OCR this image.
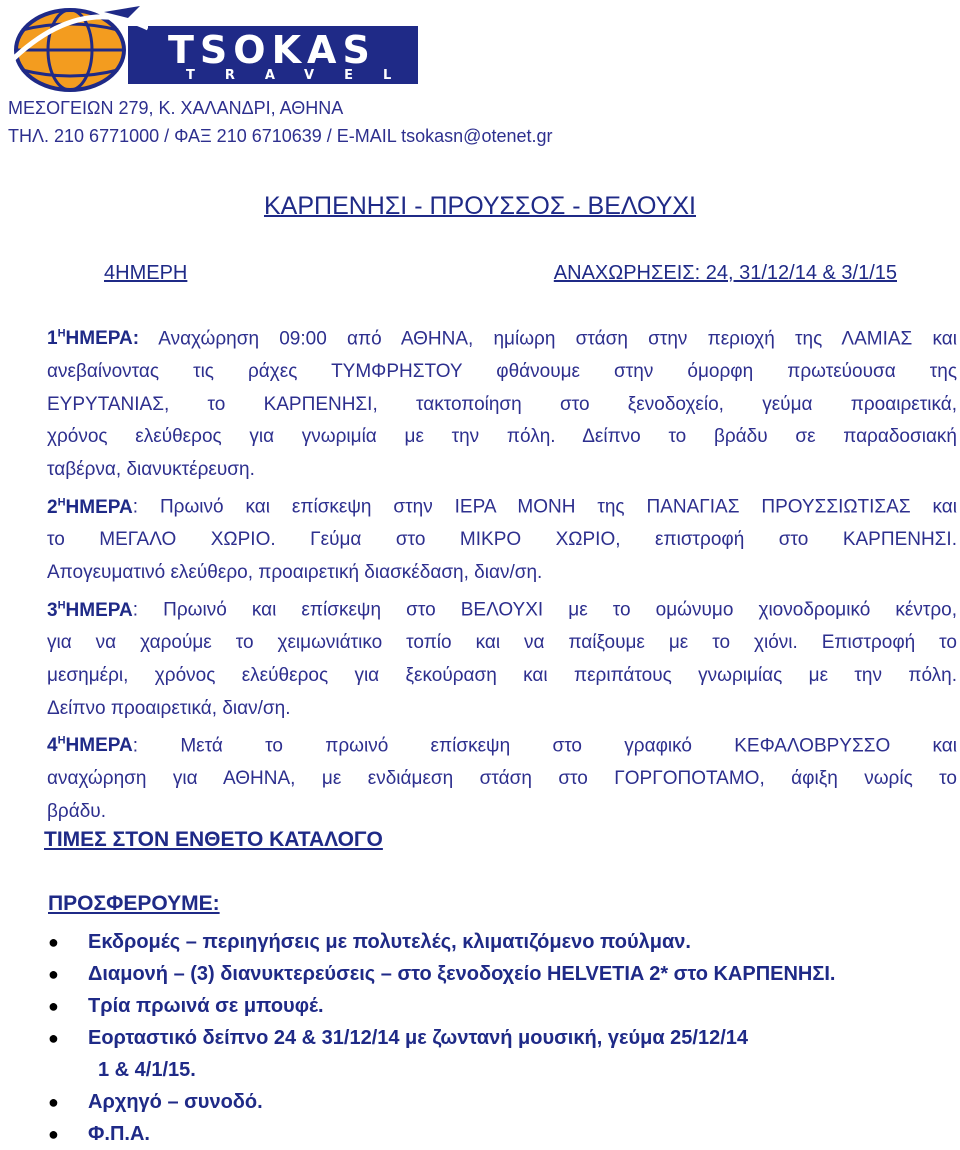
TSOKAS
TRAVEL
ΜΕΣΟΓΕΙΩΝ 279, Κ. ΧΑΛΑΝΔΡΙ, ΑΘΗΝΑ
ΤΗΛ. 210 6771000 / ΦΑΞ 210 6710639 / E-MAIL tsokasn@otenet.gr
ΚΑΡΠΕΝΗΣΙ - ΠΡΟΥΣΣΟΣ - ΒΕΛΟΥΧΙ
4ΗΜΕΡΗ	ΑΝΑΧΩΡΗΣΕΙΣ: 24, 31/12/14 & 3/1/15
$1^HHMEPA$: Αναχώρηση 09:00 από ΑΘΗΝΑ, ημίωρη στάση στην περιοχή της ΛΑΜΙΑΣ και
ανεβαίνοντας τις ράχες ΤΥΜΦΡΗΣΤΟΥ φθάνουμε στην όμορφη πρωτεύουσα της
ΕΥΡΥΤΑΝΙΑΣ, το ΚΑΡΠΕΝΗΣΙ, τακτοποίηση στο ξενοδοχείο, γεύμα προαιρετικά,
χρόνος ελεύθερος για γνωριμία με την πόλη. Δείπνο το βράδυ σε παραδοσιακή
ταβέρνα, διανυκτέρευση.
$2^HHMEPA$: Πρωινό και επίσκεψη στην ΙΕΡΑ ΜΟΝΗ της ΠΑΝΑΓΙΑΣ ΠΡΟΥΣΣΙΩΤΙΣΑΣ και
το ΜΕΓΑΛΟ ΧΩΡΙΟ. Γεύμα στο ΜΙΚΡΟ ΧΩΡΙΟ, επιστροφή στο ΚΑΡΠΕΝΗΣΙ.
Απογευματινό ελεύθερο, προαιρετική διασκέδαση, διαν/ση.
$3^HHMEPA$: Πρωινό και επίσκεψη στο ΒΕΛΟΥΧΙ με το ομώνυμο χιονοδρομικό κέντρο,
για να χαρούμε το χειμωνιάτικο τοπίο και να παίξουμε με το χιόνι. Επιστροφή το
μεσημέρι, χρόνος ελεύθερος για ξεκούραση και περιπάτους γνωριμίας με την πόλη.
Δείπνο προαιρετικά, διαν/ση.
$4^HHMEPA$: Μετά το πρωινό επίσκεψη στο γραφικό ΚΕΦΑΛΟΒΡΥΣΣΟ και
αναχώρηση για ΑΘΗΝΑ, με ενδιάμεση στάση στο ΓΟΡΓΟΠΟΤΑΜΟ, άφιξη νωρίς το
βράδυ.
ΤΙΜΕΣ ΣΤΟΝ ΕΝΘΕΤΟ ΚΑΤΑΛΟΓΟ
ΠΡΟΣΦΕΡΟΥΜΕ:
● Εκδρομές – περιηγήσεις με πολυτελές, κλιματιζόμενο πούλμαν.
● Διαμονή – (3) διανυκτερεύσεις – στο ξενοδοχείο HELVETIA 2* στο ΚΑΡΠΕΝΗΣΙ.
● Τρία πρωινά σε μπουφέ.
● Εορταστικό δείπνο 24 & 31/12/14 με ζωντανή μουσική, γεύμα 25/12/14
1 & 4/1/15.
● Αρχηγό – συνοδό.
● Φ.Π.Α.
